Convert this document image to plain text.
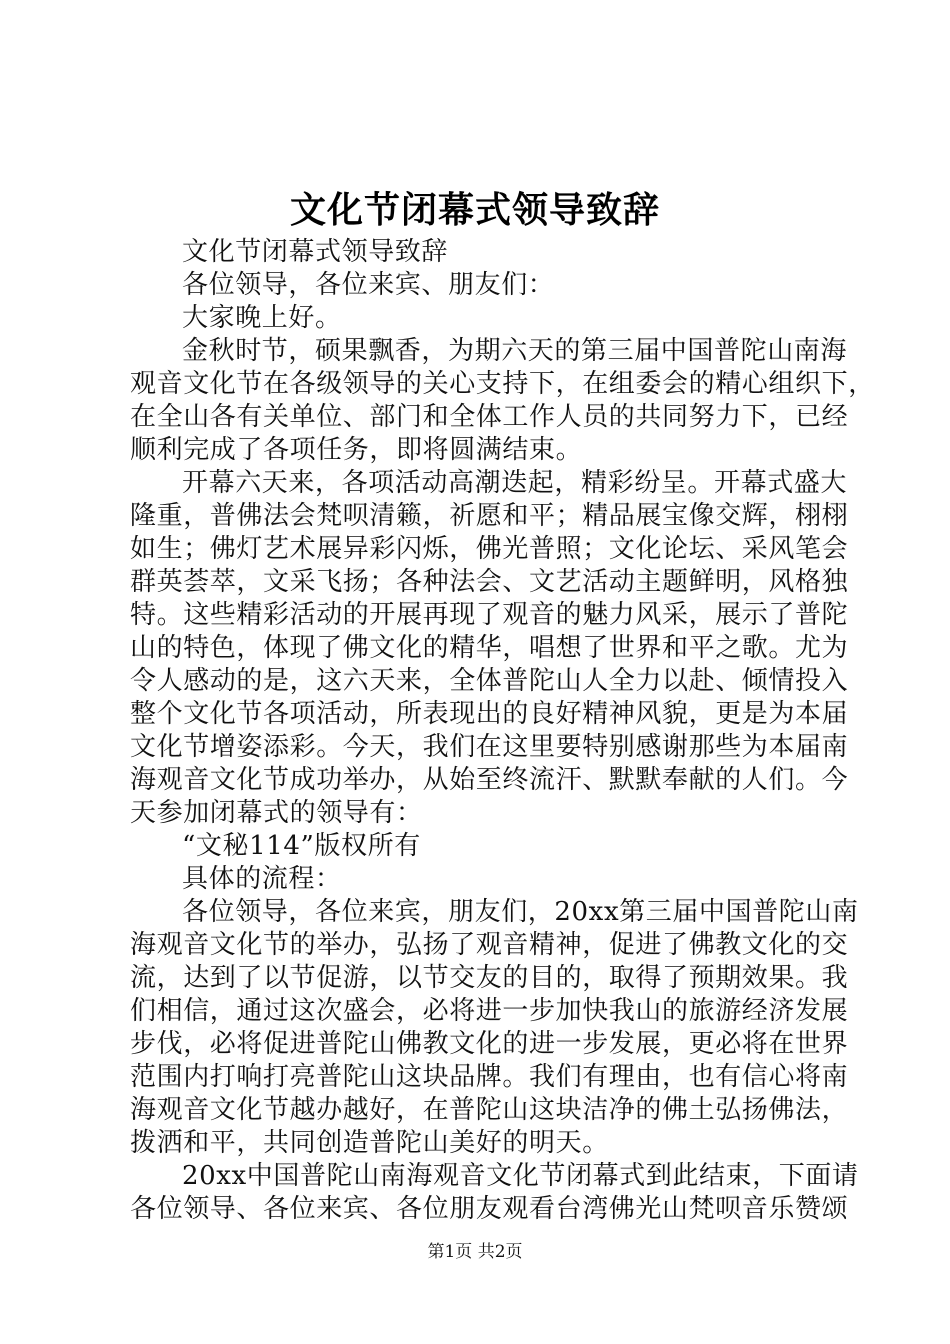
文化节闭幕式领导致辞
文化节闭幕式领导致辞
各位领导，各位来宾、朋友们：
大家晚上好。
金秋时节，硕果飘香，为期六天的第三届中国普陀山南海
观音文化节在各级领导的关心支持下，在组委会的精心组织下，
在全山各有关单位、部门和全体工作人员的共同努力下，已经
顺利完成了各项任务，即将圆满结束。
开幕六天来，各项活动高潮迭起，精彩纷呈。开幕式盛大
隆重，普佛法会梵呗清籁，祈愿和平；精品展宝像交辉，栩栩
如生；佛灯艺术展异彩闪烁，佛光普照；文化论坛、采风笔会
群英荟萃，文采飞扬；各种法会、文艺活动主题鲜明，风格独
特。这些精彩活动的开展再现了观音的魅力风采，展示了普陀
山的特色，体现了佛文化的精华，唱想了世界和平之歌。尤为
令人感动的是，这六天来，全体普陀山人全力以赴、倾情投入
整个文化节各项活动，所表现出的良好精神风貌，更是为本届
文化节增姿添彩。今天，我们在这里要特别感谢那些为本届南
海观音文化节成功举办，从始至终流汗、默默奉献的人们。今
天参加闭幕式的领导有：
“文秘114”版权所有
具体的流程：
各位领导，各位来宾，朋友们，20xx第三届中国普陀山南
海观音文化节的举办，弘扬了观音精神，促进了佛教文化的交
流，达到了以节促游，以节交友的目的，取得了预期效果。我
们相信，通过这次盛会，必将进一步加快我山的旅游经济发展
步伐，必将促进普陀山佛教文化的进一步发展，更必将在世界
范围内打响打亮普陀山这块品牌。我们有理由，也有信心将南
海观音文化节越办越好，在普陀山这块洁净的佛土弘扬佛法，
拨洒和平，共同创造普陀山美好的明天。
20xx中国普陀山南海观音文化节闭幕式到此结束，下面请
各位领导、各位来宾、各位朋友观看台湾佛光山梵呗音乐赞颂
第1页 共2页
